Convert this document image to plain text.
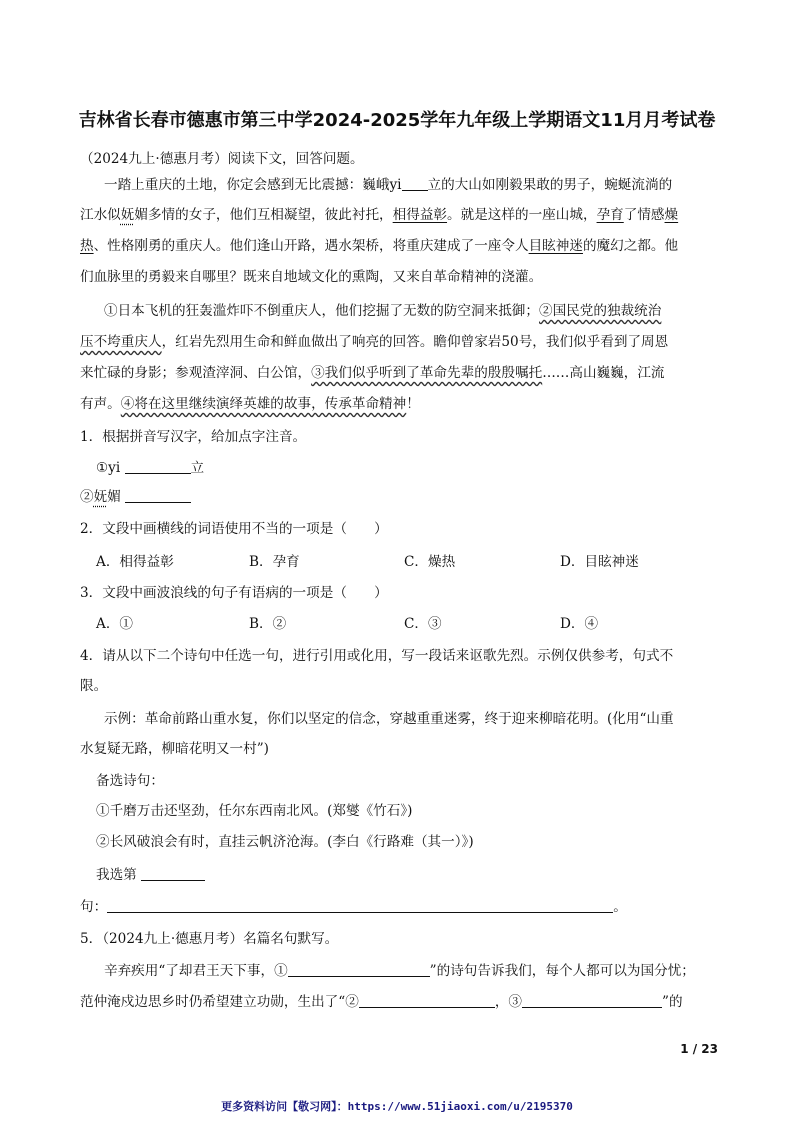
吉林省长春市德惠市第三中学2024-2025学年九年级上学期语文11月月考试卷
（2024九上·德惠月考）阅读下文，回答问题。
一踏上重庆的土地，你定会感到无比震撼：巍峨yi 立的大山如刚毅果敢的男子，蜿蜒流淌的
江水似妩媚多情的女子，他们互相凝望，彼此衬托，相得益彰。就是这样的一座山城，孕育了情感燥
热、性格刚勇的重庆人。他们逢山开路，遇水架桥，将重庆建成了一座令人目眩神迷的魔幻之都。他
们血脉里的勇毅来自哪里？既来自地域文化的熏陶，又来自革命精神的浇灌。
①日本飞机的狂轰滥炸吓不倒重庆人，他们挖掘了无数的防空洞来抵御；②国民党的独裁统治
压不垮重庆人，红岩先烈用生命和鲜血做出了响亮的回答。瞻仰曾家岩50号，我们似乎看到了周恩
来忙碌的身影；参观渣滓洞、白公馆，③我们似乎听到了革命先辈的殷殷嘱托……高山巍巍，江流
有声。④将在这里继续演绎英雄的故事，传承革命精神！
1．根据拼音写汉字，给加点字注音。
①yi	立
②妩媚
2．文段中画横线的词语使用不当的一项是（　　）
A．相得益彰	B．孕育	C．燥热	D．目眩神迷
3．文段中画波浪线的句子有语病的一项是（　　）
A．①	B．②	C．③	D．④
4．请从以下二个诗句中任选一句，进行引用或化用，写一段话来讴歌先烈。示例仅供参考，句式不
限。
示例：革命前路山重水复，你们以坚定的信念，穿越重重迷雾，终于迎来柳暗花明。(化用“山重
水复疑无路，柳暗花明又一村”)
备选诗句：
①千磨万击还坚劲，任尔东西南北风。(郑燮《竹石》)
②长风破浪会有时，直挂云帆济沧海。(李白《行路难（其一）》)
我选第
句：	。
5．（2024九上·德惠月考）名篇名句默写。
辛弃疾用“了却君王天下事，①	”的诗句告诉我们，每个人都可以为国分忧；
范仲淹戍边思乡时仍希望建立功勋，生出了“②	，③	”的
1 / 23
更多资料访问【敬习网】：https://www.51jiaoxi.com/u/2195370
